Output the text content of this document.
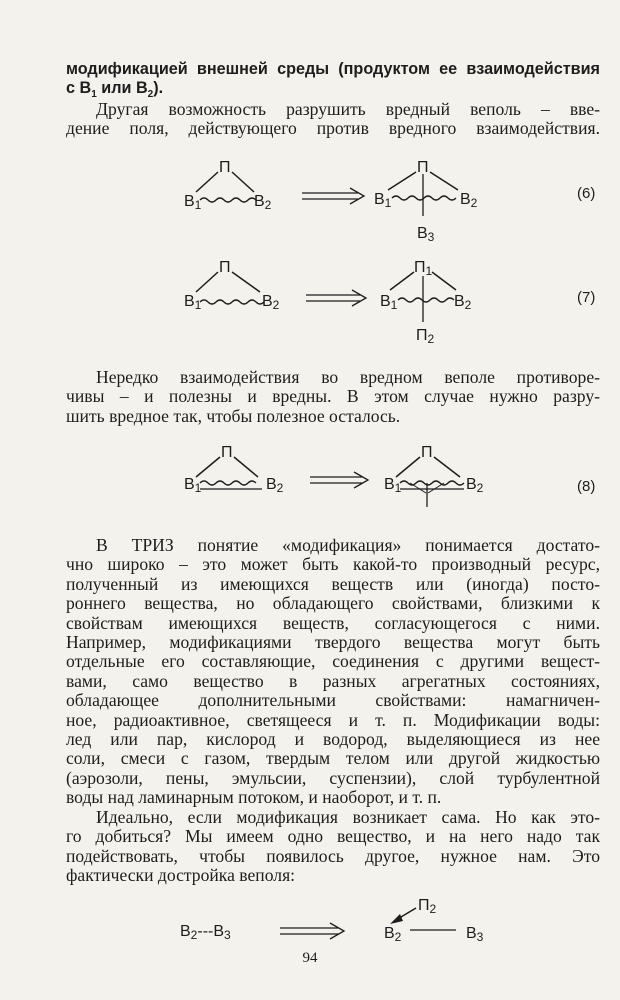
модификацией внешней среды (продуктом ее взаимодействия
с $B_1$ или $B_2$).

Другая возможность разрушить вредный веполь – вве-
дение поля, действующего против вредного взаимодействия.

П
B1	B2
П
B1	B2
B3
(6)
П
B1	B2
П1
B1	B2
П2
(7)

Нередко взаимодействия во вредном веполе противоре-
чивы – и полезны и вредны. В этом случае нужно разру-
шить вредное так, чтобы полезное осталось.

П
B1	B2
П
B1	B2	(8)
В ТРИЗ понятие «модификация» понимается достато-
чно широко – это может быть какой-то производный ресурс,
полученный из имеющихся веществ или (иногда) посто-
роннего вещества, но обладающего свойствами, близкими к
свойствам имеющихся веществ, согласующегося с ними.
Например, модификациями твердого вещества могут быть
отдельные его составляющие, соединения с другими вещест-
вами, само вещество в разных агрегатных состояниях,
обладающее дополнительными свойствами: намагничен-
ное, радиоактивное, светящееся и т. п. Модификации воды:
лед или пар, кислород и водород, выделяющиеся из нее
соли, смеси с газом, твердым телом или другой жидкостью
(аэрозоли, пены, эмульсии, суспензии), слой турбулентной
воды над ламинарным потоком, и наоборот, и т. п.
Идеально, если модификация возникает сама. Но как это-
го добиться? Мы имеем одно вещество, и на него надо так
подействовать, чтобы появилось другое, нужное нам. Это
фактически достройка веполя:
B2---B3
П2
B2	B3
94
